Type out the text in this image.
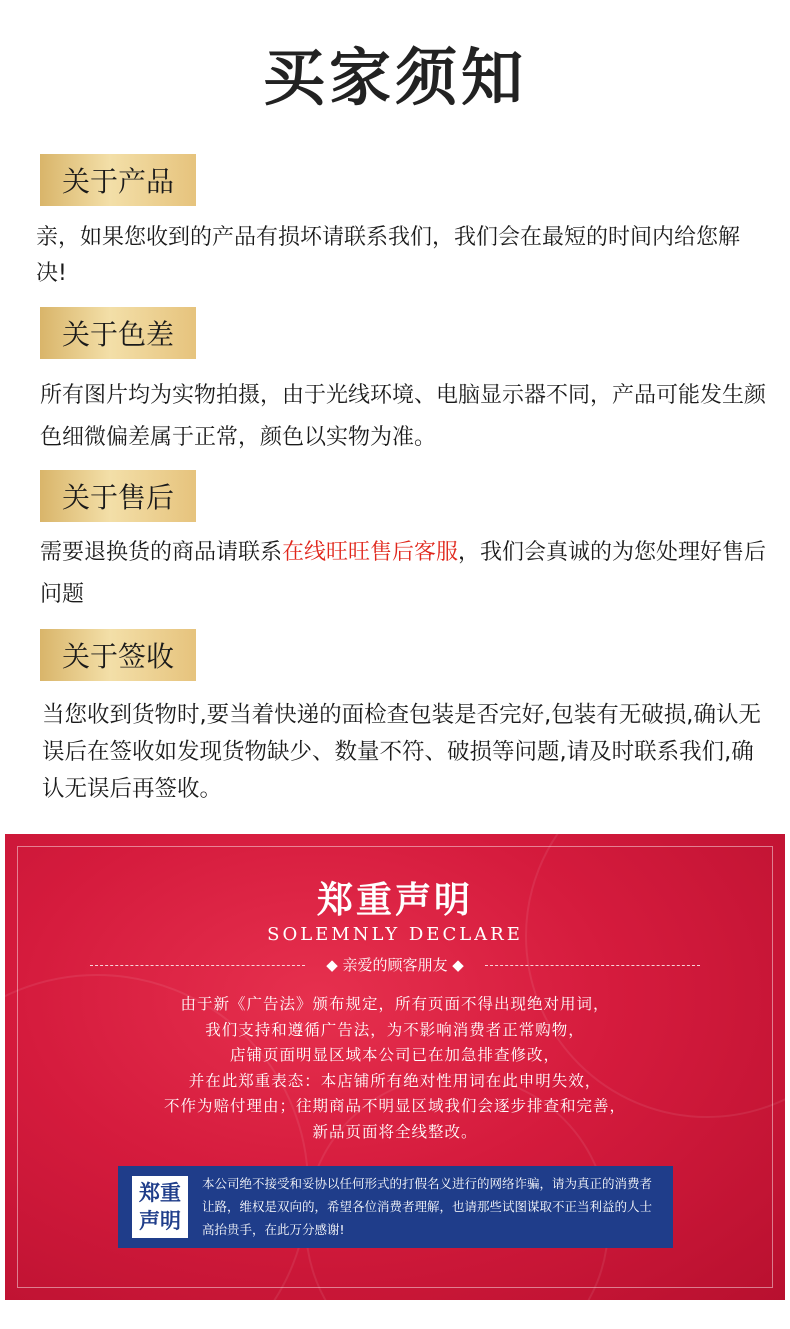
买家须知
关于产品
亲，如果您收到的产品有损坏请联系我们，我们会在最短的时间内给您解决!
关于色差
所有图片均为实物拍摄，由于光线环境、电脑显示器不同，产品可能发生颜色细微偏差属于正常，颜色以实物为准。
关于售后
需要退换货的商品请联系在线旺旺售后客服，我们会真诚的为您处理好售后问题
关于签收
当您收到货物时,要当着快递的面检查包装是否完好,包装有无破损,确认无误后在签收如发现货物缺少、数量不符、破损等问题,请及时联系我们,确认无误后再签收。
郑重声明
SOLEMNLY DECLARE
◆ 亲爱的顾客朋友 ◆
由于新《广告法》颁布规定，所有页面不得出现绝对用词，
我们支持和遵循广告法，为不影响消费者正常购物，
店铺页面明显区域本公司已在加急排查修改，
并在此郑重表态：本店铺所有绝对性用词在此申明失效，
不作为赔付理由；往期商品不明显区域我们会逐步排查和完善，
新品页面将全线整改。
郑重
声明
本公司绝不接受和妥协以任何形式的打假名义进行的网络诈骗，请为真正的消费者让路，维权是双向的，希望各位消费者理解，也请那些试图谋取不正当利益的人士高抬贵手，在此万分感谢!
